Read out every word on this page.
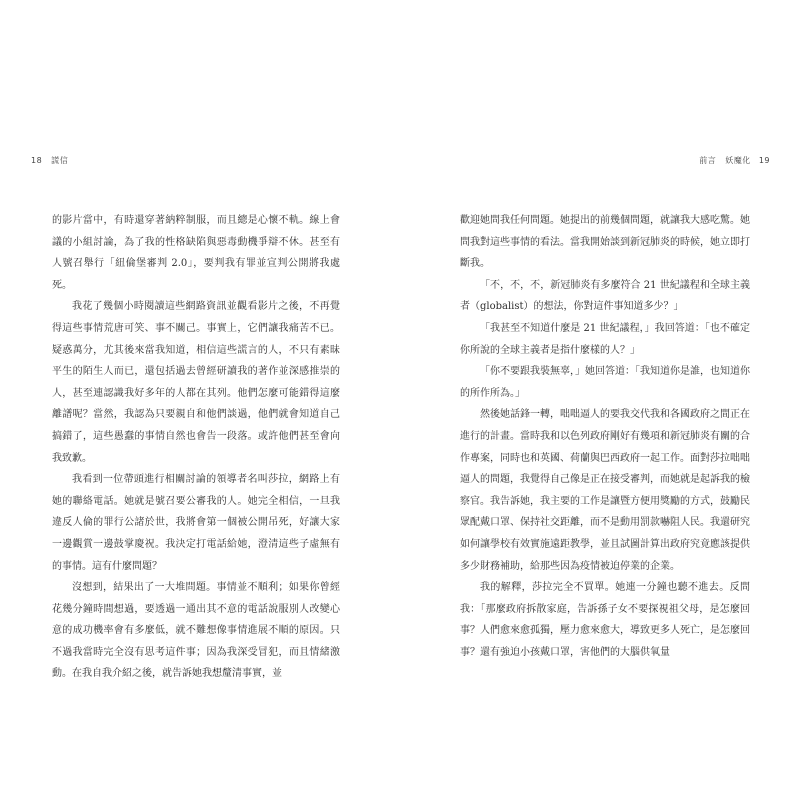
18 謊信	前言 妖魔化 19

的影片當中，有時還穿著納粹制服，而且總是心懷不軌。線上會議的小組討論，為了我的性格缺陷與惡毒動機爭辯不休。甚至有人號召舉行「紐倫堡審判 2.0」，要判我有罪並宣判公開將我處死。

我花了幾個小時閱讀這些網路資訊並觀看影片之後，不再覺得這些事情荒唐可笑、事不關己。事實上，它們讓我痛苦不已。疑惑萬分，尤其後來當我知道，相信這些謊言的人，不只有素昧平生的陌生人而已，還包括過去曾經研讀我的著作並深感推崇的人，甚至連認識我好多年的人都在其列。他們怎麼可能錯得這麼離譜呢？當然，我認為只要親自和他們談過，他們就會知道自己搞錯了，這些愚蠢的事情自然也會告一段落。或許他們甚至會向我致歉。

我看到一位帶頭進行相關討論的領導者名叫莎拉，網路上有她的聯絡電話。她就是號召要公審我的人。她完全相信，一旦我違反人倫的罪行公諸於世，我將會第一個被公開吊死，好讓大家一邊觀賞一邊鼓掌慶祝。我決定打電話給她，澄清這些子虛無有的事情。這有什麼問題？

沒想到，結果出了一大堆問題。事情並不順利；如果你曾經花幾分鐘時間想過，要透過一通出其不意的電話說服別人改變心意的成功機率會有多麼低，就不難想像事情進展不順的原因。只不過我當時完全沒有思考這件事；因為我深受冒犯，而且情緒激動。在我自我介紹之後，就告訴她我想釐清事實，並

歡迎她問我任何問題。她提出的前幾個問題，就讓我大感吃驚。她問我對這些事情的看法。當我開始談到新冠肺炎的時候，她立即打斷我。

「不，不，不，新冠肺炎有多麼符合 21 世紀議程和全球主義者（globalist）的想法，你對這件事知道多少？」

「我甚至不知道什麼是 21 世紀議程，」我回答道：「也不確定你所說的全球主義者是指什麼樣的人？」

「你不要跟我裝無辜，」她回答道：「我知道你是誰，也知道你的所作所為。」

然後她話鋒一轉，咄咄逼人的要我交代我和各國政府之間正在進行的計畫。當時我和以色列政府剛好有幾項和新冠肺炎有關的合作專案，同時也和英國、荷蘭與巴西政府一起工作。面對莎拉咄咄逼人的問題，我覺得自己像是正在接受審判，而她就是起訴我的檢察官。我告訴她，我主要的工作是讓暨方便用獎勵的方式，鼓勵民眾配戴口罩、保持社交距離，而不是動用罰款嚇阻人民。我還研究如何讓學校有效實施遠距教學，並且試圖計算出政府究竟應該提供多少財務補助，給那些因為疫情被迫停業的企業。

我的解釋，莎拉完全不買單。她連一分鐘也聽不進去。反問我：「那麼政府拆散家庭，告訴孫子女不要探視祖父母，是怎麼回事？人們愈來愈孤獨，壓力愈來愈大，導致更多人死亡，是怎麼回事？還有強迫小孩戴口罩，害他們的大腦供氧量
